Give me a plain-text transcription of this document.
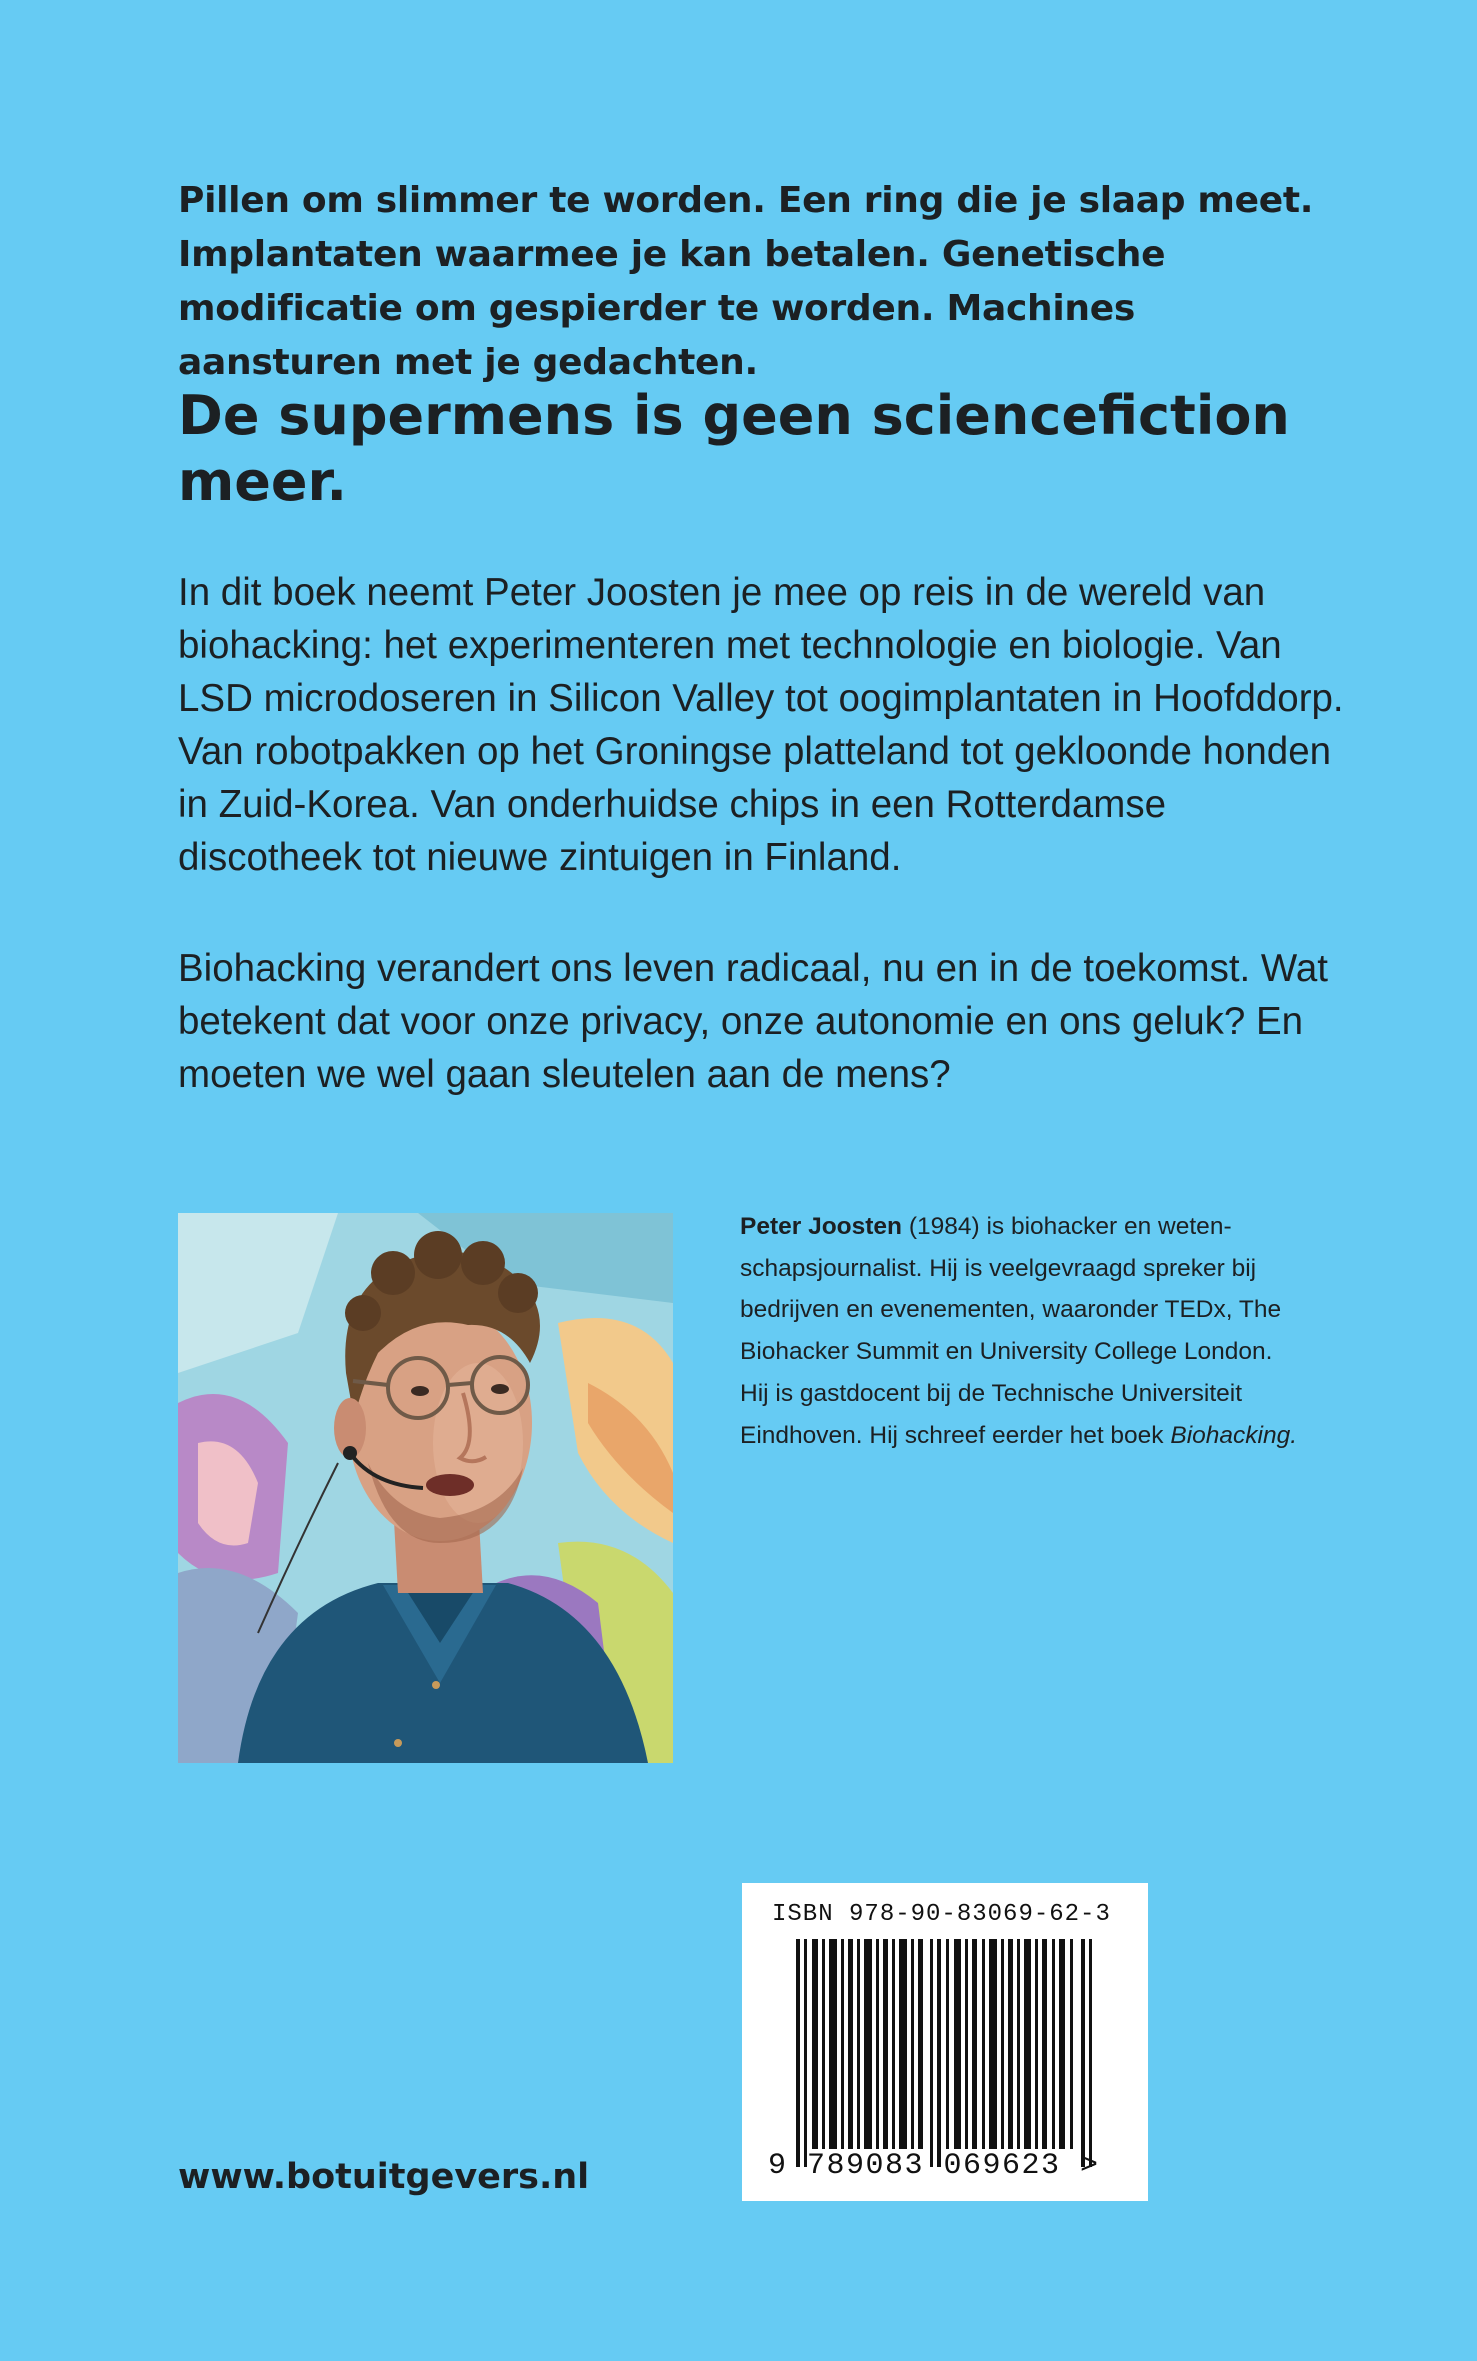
Pillen om slimmer te worden. Een ring die je slaap meet. Implantaten waarmee je kan betalen. Genetische modificatie om gespierder te worden. Machines aansturen met je gedachten.

De supermens is geen sciencefiction meer.

In dit boek neemt Peter Joosten je mee op reis in de wereld van biohacking: het experimenteren met technologie en biologie. Van LSD microdoseren in Silicon Valley tot oogimplantaten in Hoofddorp. Van robotpakken op het Groningse platteland tot gekloonde honden in Zuid-Korea. Van onderhuidse chips in een Rotterdamse discotheek tot nieuwe zintuigen in Finland.

Biohacking verandert ons leven radicaal, nu en in de toekomst. Wat betekent dat voor onze privacy, onze autonomie en ons geluk? En moeten we wel gaan sleutelen aan de mens?

Peter Joosten (1984) is biohacker en wetenschapsjournalist. Hij is veelgevraagd spreker bij bedrijven en evenementen, waaronder TEDx, The Biohacker Summit en University College London. Hij is gastdocent bij de Technische Universiteit Eindhoven. Hij schreef eerder het boek Biohacking.

ISBN 978-90-83069-62-3
9 789083 069623 >
www.botuitgevers.nl
